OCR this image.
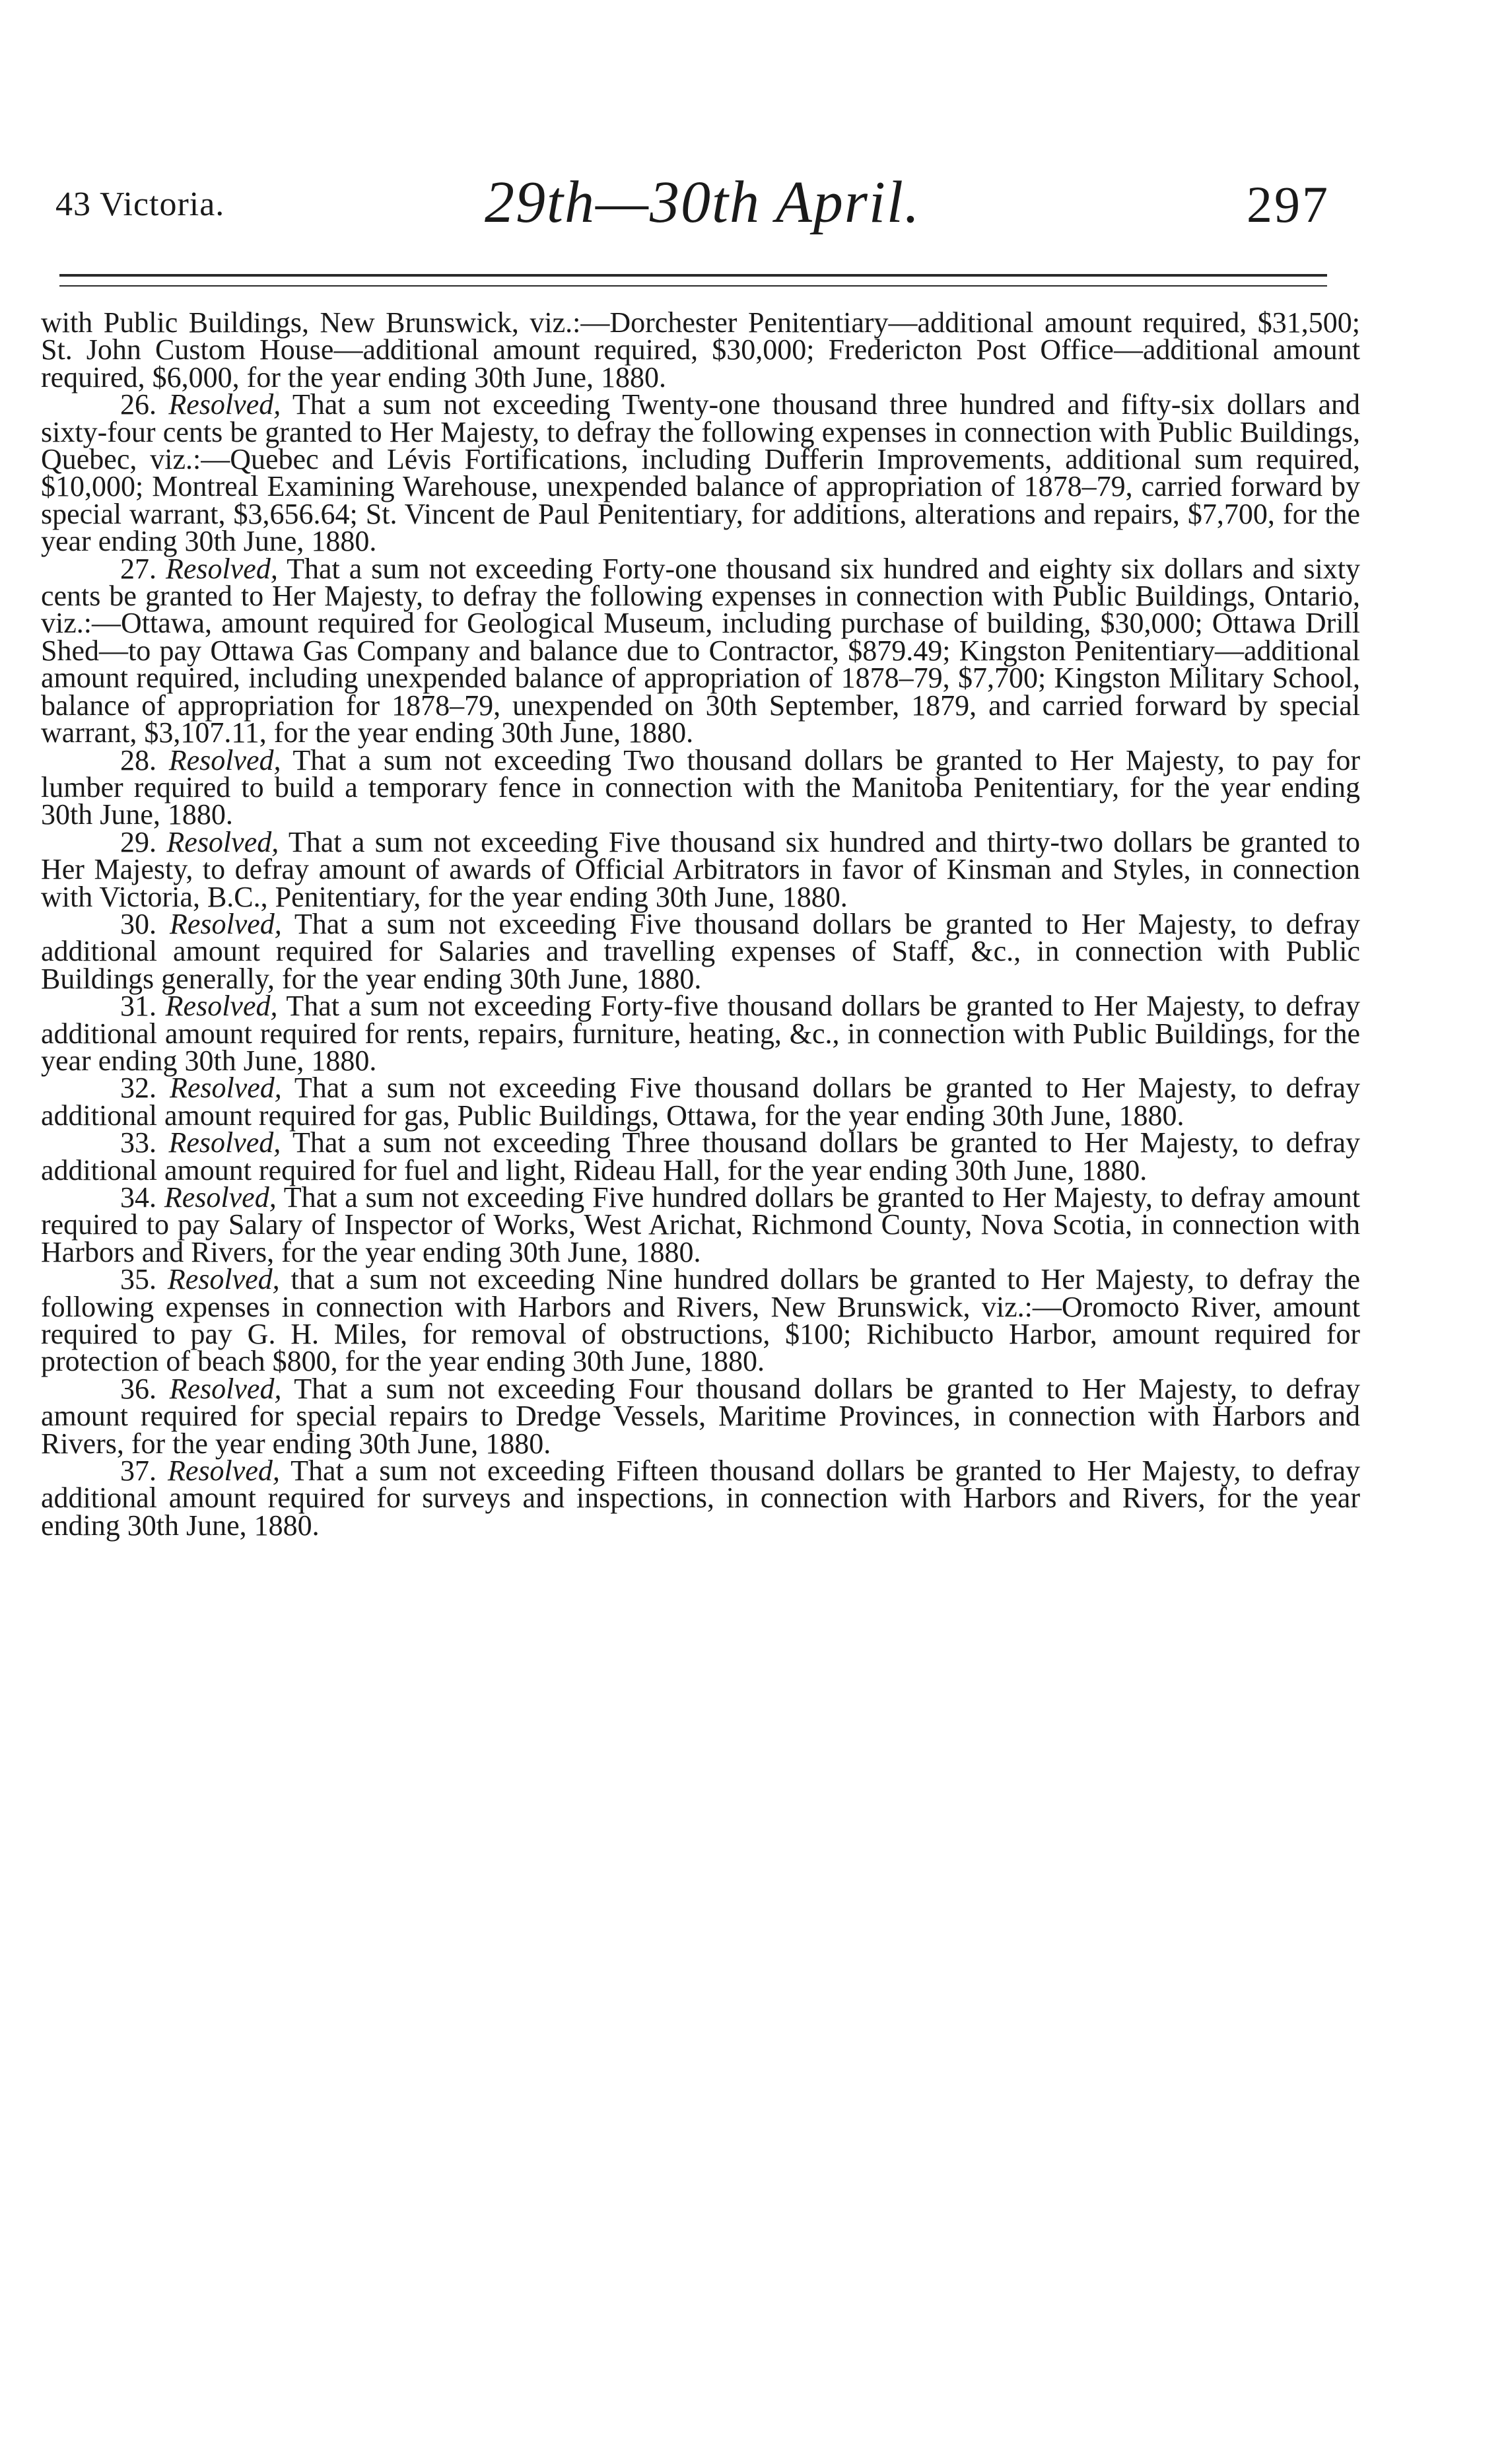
43 Victoria.	29th—30th April.	297

with Public Buildings, New Brunswick, viz.:—Dorchester Penitentiary—additional amount required, $31,500; St. John Custom House—additional amount required, $30,000; Fredericton Post Office—additional amount required, $6,000, for the year ending 30th June, 1880.

26. Resolved, That a sum not exceeding Twenty-one thousand three hundred and fifty-six dollars and sixty-four cents be granted to Her Majesty, to defray the following expenses in connection with Public Buildings, Quebec, viz.:—Quebec and Lévis Fortifications, including Dufferin Improvements, additional sum required, $10,000; Montreal Examining Warehouse, unexpended balance of appropriation of 1878–79, carried forward by special warrant, $3,656.64; St. Vincent de Paul Penitentiary, for additions, alterations and repairs, $7,700, for the year ending 30th June, 1880.

27. Resolved, That a sum not exceeding Forty-one thousand six hundred and eighty six dollars and sixty cents be granted to Her Majesty, to defray the following expenses in connection with Public Buildings, Ontario, viz.:—Ottawa, amount required for Geological Museum, including purchase of building, $30,000; Ottawa Drill Shed—to pay Ottawa Gas Company and balance due to Contractor, $879.49; Kingston Penitentiary—additional amount required, including unexpended balance of appropriation of 1878–79, $7,700; Kingston Military School, balance of appropriation for 1878–79, unexpended on 30th September, 1879, and carried forward by special warrant, $3,107.11, for the year ending 30th June, 1880.

28. Resolved, That a sum not exceeding Two thousand dollars be granted to Her Majesty, to pay for lumber required to build a temporary fence in connection with the Manitoba Penitentiary, for the year ending 30th June, 1880.

29. Resolved, That a sum not exceeding Five thousand six hundred and thirty-two dollars be granted to Her Majesty, to defray amount of awards of Official Arbitrators in favor of Kinsman and Styles, in connection with Victoria, B.C., Penitentiary, for the year ending 30th June, 1880.

30. Resolved, That a sum not exceeding Five thousand dollars be granted to Her Majesty, to defray additional amount required for Salaries and travelling expenses of Staff, &c., in connection with Public Buildings generally, for the year ending 30th June, 1880.

31. Resolved, That a sum not exceeding Forty-five thousand dollars be granted to Her Majesty, to defray additional amount required for rents, repairs, furniture, heating, &c., in connection with Public Buildings, for the year ending 30th June, 1880.

32. Resolved, That a sum not exceeding Five thousand dollars be granted to Her Majesty, to defray additional amount required for gas, Public Buildings, Ottawa, for the year ending 30th June, 1880.

33. Resolved, That a sum not exceeding Three thousand dollars be granted to Her Majesty, to defray additional amount required for fuel and light, Rideau Hall, for the year ending 30th June, 1880.

34. Resolved, That a sum not exceeding Five hundred dollars be granted to Her Majesty, to defray amount required to pay Salary of Inspector of Works, West Arichat, Richmond County, Nova Scotia, in connection with Harbors and Rivers, for the year ending 30th June, 1880.

35. Resolved, that a sum not exceeding Nine hundred dollars be granted to Her Majesty, to defray the following expenses in connection with Harbors and Rivers, New Brunswick, viz.:—Oromocto River, amount required to pay G. H. Miles, for removal of obstructions, $100; Richibucto Harbor, amount required for protection of beach $800, for the year ending 30th June, 1880.

36. Resolved, That a sum not exceeding Four thousand dollars be granted to Her Majesty, to defray amount required for special repairs to Dredge Vessels, Maritime Provinces, in connection with Harbors and Rivers, for the year ending 30th June, 1880.

37. Resolved, That a sum not exceeding Fifteen thousand dollars be granted to Her Majesty, to defray additional amount required for surveys and inspections, in connection with Harbors and Rivers, for the year ending 30th June, 1880.
